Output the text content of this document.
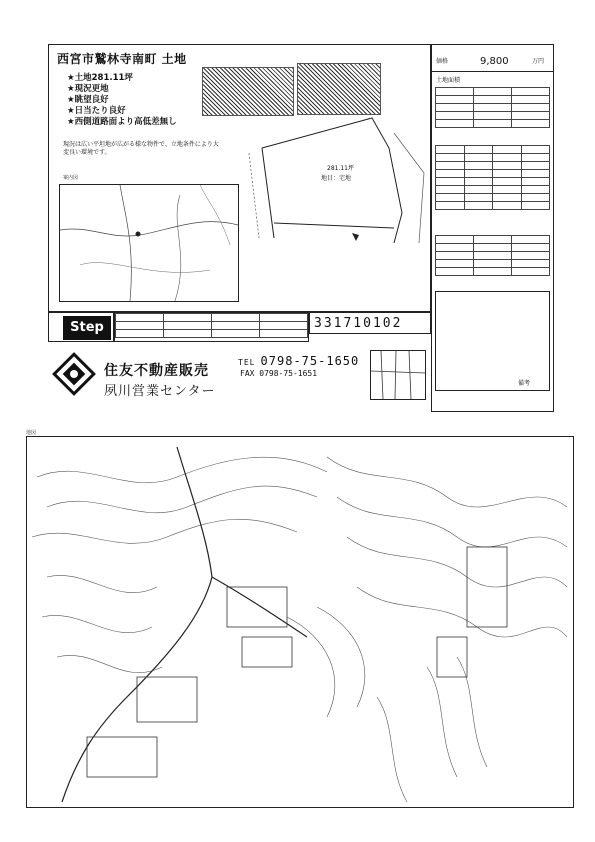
西宮市鷲林寺南町 土地
★土地281.11坪
★現況更地
★眺望良好
★日当たり良好
★西側道路面より高低差無し
現況は広い平坦地が広がる様な物件で、立地条件により大変良い環境です。
281.11坪
地目：宅地
案内図
価格	9,800	万円
土地面積

備考
Step

				331710102
住友不動産販売
夙川営業センター
TEL 0798-75-1650
FAX 0798-75-1651
地図
